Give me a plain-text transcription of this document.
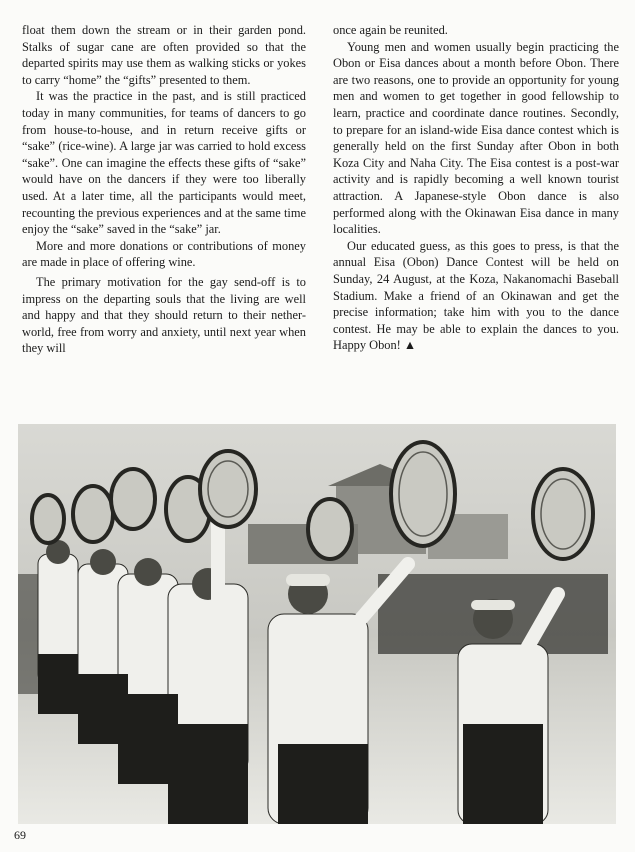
float them down the stream or in their garden pond. Stalks of sugar cane are often provided so that the departed spirits may use them as walking sticks or yokes to carry “home” the “gifts” presented to them.

It was the practice in the past, and is still practiced today in many communities, for teams of dancers to go from house-to-house, and in return receive gifts or “sake” (rice-wine). A large jar was carried to hold excess “sake”. One can imagine the effects these gifts of “sake” would have on the dancers if they were too liberally used. At a later time, all the participants would meet, recounting the previous experiences and at the same time enjoy the “sake” saved in the “sake” jar.

More and more donations or contributions of money are made in place of offering wine.

The primary motivation for the gay send-off is to impress on the departing souls that the living are well and happy and that they should return to their nether-world, free from worry and anxiety, until next year when they will

once again be reunited.

Young men and women usually begin practicing the Obon or Eisa dances about a month before Obon. There are two reasons, one to provide an opportunity for young men and women to get together in good fellowship to learn, practice and coordinate dance routines. Secondly, to prepare for an island-wide Eisa dance contest which is generally held on the first Sunday after Obon in both Koza City and Naha City. The Eisa contest is a post-war activity and is rapidly becoming a well known tourist attraction. A Japanese-style Obon dance is also performed along with the Okinawan Eisa dance in many localities.

Our educated guess, as this goes to press, is that the annual Eisa (Obon) Dance Contest will be held on Sunday, 24 August, at the Koza, Nakanomachi Baseball Stadium. Make a friend of an Okinawan and get the precise information; take him with you to the dance contest. He may be able to explain the dances to you. Happy Obon! ▲

69
